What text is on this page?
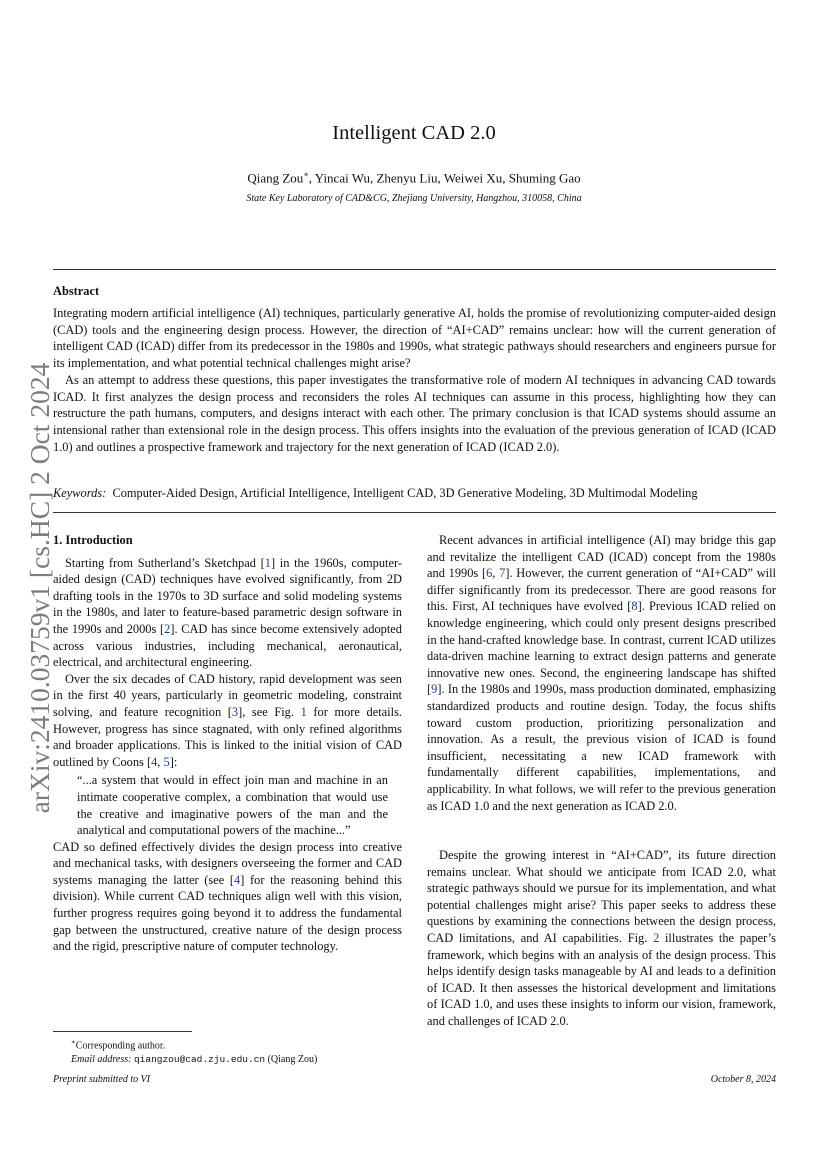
arXiv:2410.03759v1 [cs.HC] 2 Oct 2024
Intelligent CAD 2.0
Qiang Zou∗, Yincai Wu, Zhenyu Liu, Weiwei Xu, Shuming Gao
State Key Laboratory of CAD&CG, Zhejiang University, Hangzhou, 310058, China
Abstract

Integrating modern artificial intelligence (AI) techniques, particularly generative AI, holds the promise of revolutionizing computer-aided design (CAD) tools and the engineering design process. However, the direction of “AI+CAD” remains unclear: how will the current generation of intelligent CAD (ICAD) differ from its predecessor in the 1980s and 1990s, what strategic pathways should researchers and engineers pursue for its implementation, and what potential technical challenges might arise?

As an attempt to address these questions, this paper investigates the transformative role of modern AI techniques in advancing CAD towards ICAD. It first analyzes the design process and reconsiders the roles AI techniques can assume in this process, highlighting how they can restructure the path humans, computers, and designs interact with each other. The primary conclusion is that ICAD systems should assume an intensional rather than extensional role in the design process. This offers insights into the evaluation of the previous generation of ICAD (ICAD 1.0) and outlines a prospective framework and trajectory for the next generation of ICAD (ICAD 2.0).

Keywords: Computer-Aided Design, Artificial Intelligence, Intelligent CAD, 3D Generative Modeling, 3D Multimodal Modeling

1. Introduction

Starting from Sutherland’s Sketchpad [1] in the 1960s, computer-aided design (CAD) techniques have evolved significantly, from 2D drafting tools in the 1970s to 3D surface and solid modeling systems in the 1980s, and later to feature-based parametric design software in the 1990s and 2000s [2]. CAD has since become extensively adopted across various industries, including mechanical, aeronautical, electrical, and architectural engineering.

Over the six decades of CAD history, rapid development was seen in the first 40 years, particularly in geometric modeling, constraint solving, and feature recognition [3], see Fig. 1 for more details. However, progress has since stagnated, with only refined algorithms and broader applications. This is linked to the initial vision of CAD outlined by Coons [4, 5]:

“...a system that would in effect join man and machine in an intimate cooperative complex, a combination that would use the creative and imaginative powers of the man and the analytical and computational powers of the machine...”

CAD so defined effectively divides the design process into creative and mechanical tasks, with designers overseeing the former and CAD systems managing the latter (see [4] for the reasoning behind this division). While current CAD techniques align well with this vision, further progress requires going beyond it to address the fundamental gap between the unstructured, creative nature of the design process and the rigid, prescriptive nature of computer technology.

Recent advances in artificial intelligence (AI) may bridge this gap and revitalize the intelligent CAD (ICAD) concept from the 1980s and 1990s [6, 7]. However, the current generation of “AI+CAD” will differ significantly from its predecessor. There are good reasons for this. First, AI techniques have evolved [8]. Previous ICAD relied on knowledge engineering, which could only present designs prescribed in the hand-crafted knowledge base. In contrast, current ICAD utilizes data-driven machine learning to extract design patterns and generate innovative new ones. Second, the engineering landscape has shifted [9]. In the 1980s and 1990s, mass production dominated, emphasizing standardized products and routine design. Today, the focus shifts toward custom production, prioritizing personalization and innovation. As a result, the previous vision of ICAD is found insufficient, necessitating a new ICAD framework with fundamentally different capabilities, implementations, and applicability. In what follows, we will refer to the previous generation as ICAD 1.0 and the next generation as ICAD 2.0.

Despite the growing interest in “AI+CAD”, its future direction remains unclear. What should we anticipate from ICAD 2.0, what strategic pathways should we pursue for its implementation, and what potential challenges might arise? This paper seeks to address these questions by examining the connections between the design process, CAD limitations, and AI capabilities. Fig. 2 illustrates the paper’s framework, which begins with an analysis of the design process. This helps identify design tasks manageable by AI and leads to a definition of ICAD. It then assesses the historical development and limitations of ICAD 1.0, and uses these insights to inform our vision, framework, and challenges of ICAD 2.0.

∗Corresponding author.

Email address: qiangzou@cad.zju.edu.cn (Qiang Zou)

Preprint submitted to VI	October 8, 2024
